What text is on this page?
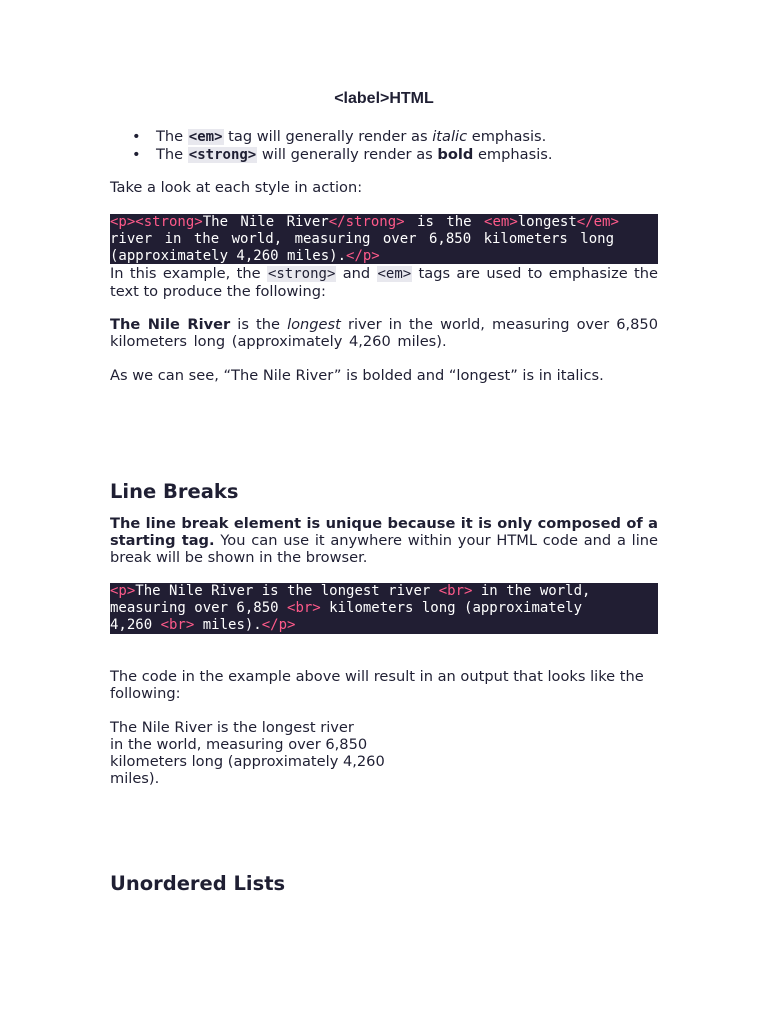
<label>HTML
• The <em> tag will generally render as italic emphasis.
• The <strong> will generally render as bold emphasis.

Take a look at each style in action:

<p><strong>The Nile River</strong> is the <em>longest</em>
river in the world, measuring over 6,850 kilometers long
(approximately 4,260 miles).</p>

In this example, the <strong> and <em> tags are used to emphasize the text to produce the following:

The Nile River is the longest river in the world, measuring over 6,850 kilometers long (approximately 4,260 miles).

As we can see, “The Nile River” is bolded and “longest” is in italics.

Line Breaks

The line break element is unique because it is only composed of a starting tag. You can use it anywhere within your HTML code and a line break will be shown in the browser.

<p>The Nile River is the longest river <br> in the world,
measuring over 6,850 <br> kilometers long (approximately
4,260 <br> miles).</p>

The code in the example above will result in an output that looks like the following:

The Nile River is the longest river
in the world, measuring over 6,850
kilometers long (approximately 4,260
miles).
Unordered Lists
